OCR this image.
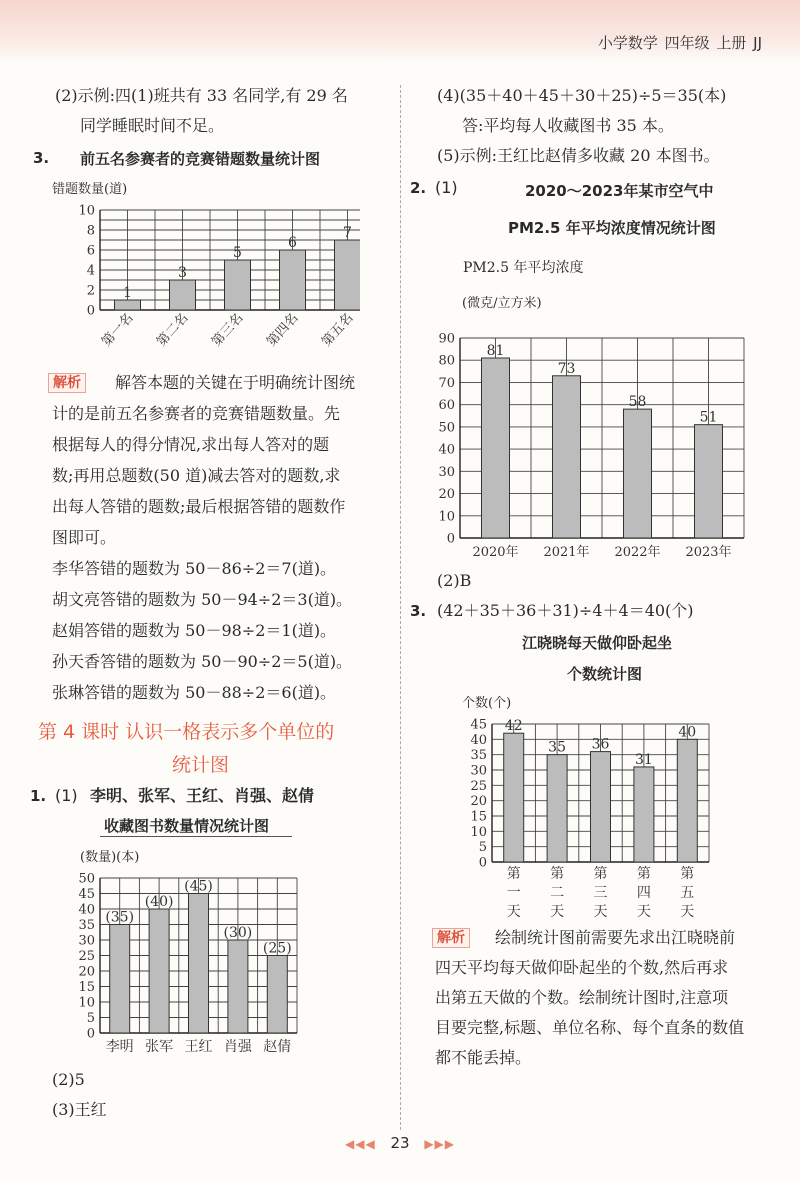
小学数学 四年级 上册 JJ
(2)示例:四(1)班共有 33 名同学,有 29 名
同学睡眠时间不足。
3. 前五名参赛者的竞赛错题数量统计图
错题数量(道)
0
2
4
6
8
10
1
第一名
3
第二名
5
第三名
6
第四名
7
第五名
解析	解答本题的关键在于明确统计图统
计的是前五名参赛者的竞赛错题数量。先
根据每人的得分情况,求出每人答对的题
数;再用总题数(50 道)减去答对的题数,求
出每人答错的题数;最后根据答错的题数作
图即可。
李华答错的题数为 50－86÷2＝7(道)。
胡文亮答错的题数为 50－94÷2＝3(道)。
赵娟答错的题数为 50－98÷2＝1(道)。
孙天香答错的题数为 50－90÷2＝5(道)。
张琳答错的题数为 50－88÷2＝6(道)。
第 4 课时 认识一格表示多个单位的
统计图
1. (1) 李明、张军、王红、肖强、赵倩
收藏图书数量情况统计图
(数量)(本)
0
5
10
15
20
25
30
35
40
45
50
(35)
李明
(40)
张军
(45)
王红
(30)
肖强
(25)
赵倩
(2)5
(3)王红
(4)(35＋40＋45＋30＋25)÷5＝35(本)
答:平均每人收藏图书 35 本。
(5)示例:王红比赵倩多收藏 20 本图书。
2. (1)	2020～2023年某市空气中
PM2.5 年平均浓度情况统计图
PM2.5 年平均浓度
(微克/立方米)
0
10
20
30
40
50
60
70
80
90
81
2020年
73
2021年
58
2022年
51
2023年
(2)B
3. (42＋35＋36＋31)÷4＋4＝40(个)
江晓晓每天做仰卧起坐
个数统计图
个数(个)
0
5
10
15
20
25
30
35
40
45 42
第一天
35
第二天
36
第三天
31
第四天
40
第五天
解析	绘制统计图前需要先求出江晓晓前
四天平均每天做仰卧起坐的个数,然后再求
出第五天做的个数。绘制统计图时,注意项
目要完整,标题、单位名称、每个直条的数值
都不能丢掉。
◀◀◀ 23 ▶▶▶
